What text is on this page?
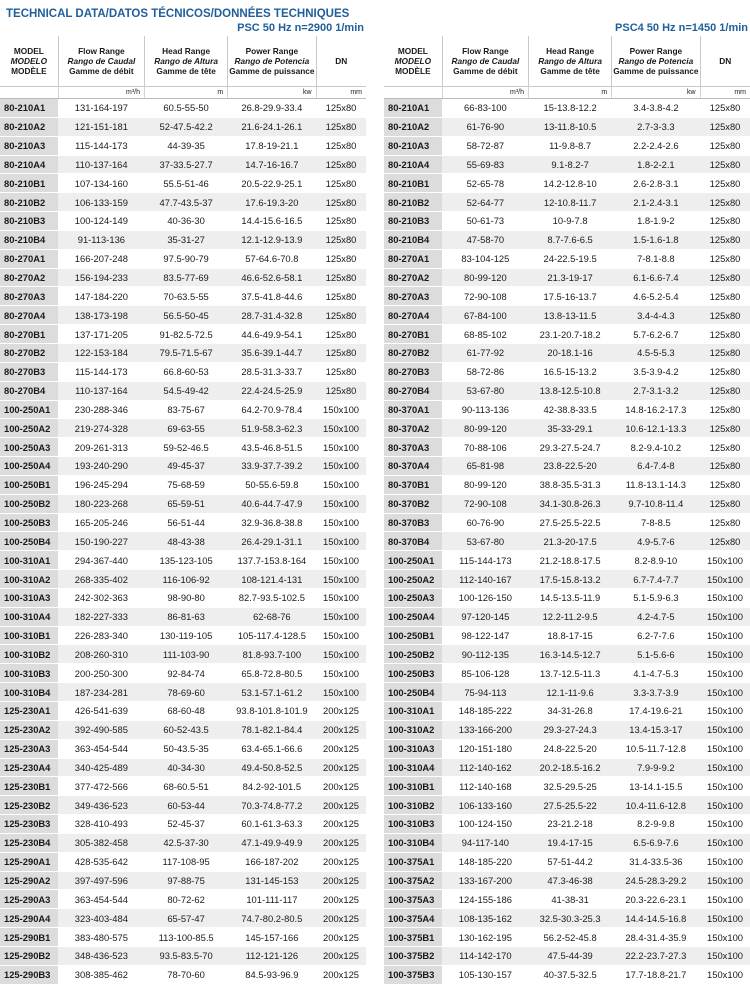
TECHNICAL DATA/DATOS TÉCNICOS/DONNÉES TECHNIQUES
PSC 50 Hz n=2900 1/min
MODEL
MODELO
MODÈLE	Flow Range
Rango de Caudal
Gamme de débit	Head Range
Rango de Altura
Gamme de tête	Power Range
Rango de Potencia
Gamme de puissance	DN

	m³/h	m	kw	mm
80-210A1	131-164-197	60.5-55-50	26.8-29.9-33.4	125x80
80-210A2	121-151-181	52-47.5-42.2	21.6-24.1-26.1	125x80
80-210A3	115-144-173	44-39-35	17.8-19-21.1	125x80
80-210A4	110-137-164	37-33.5-27.7	14.7-16-16.7	125x80
80-210B1	107-134-160	55.5-51-46	20.5-22.9-25.1	125x80
80-210B2	106-133-159	47.7-43.5-37	17.6-19.3-20	125x80
80-210B3	100-124-149	40-36-30	14.4-15.6-16.5	125x80
80-210B4	91-113-136	35-31-27	12.1-12.9-13.9	125x80
80-270A1	166-207-248	97.5-90-79	57-64.6-70.8	125x80
80-270A2	156-194-233	83.5-77-69	46.6-52.6-58.1	125x80
80-270A3	147-184-220	70-63.5-55	37.5-41.8-44.6	125x80
80-270A4	138-173-198	56.5-50-45	28.7-31.4-32.8	125x80
80-270B1	137-171-205	91-82.5-72.5	44.6-49.9-54.1	125x80
80-270B2	122-153-184	79.5-71.5-67	35.6-39.1-44.7	125x80
80-270B3	115-144-173	66.8-60-53	28.5-31.3-33.7	125x80
80-270B4	110-137-164	54.5-49-42	22.4-24.5-25.9	125x80
100-250A1	230-288-346	83-75-67	64.2-70.9-78.4	150x100
100-250A2	219-274-328	69-63-55	51.9-58.3-62.3	150x100
100-250A3	209-261-313	59-52-46.5	43.5-46.8-51.5	150x100
100-250A4	193-240-290	49-45-37	33.9-37.7-39.2	150x100
100-250B1	196-245-294	75-68-59	50-55.6-59.8	150x100
100-250B2	180-223-268	65-59-51	40.6-44.7-47.9	150x100
100-250B3	165-205-246	56-51-44	32.9-36.8-38.8	150x100
100-250B4	150-190-227	48-43-38	26.4-29.1-31.1	150x100
100-310A1	294-367-440	135-123-105	137.7-153.8-164	150x100
100-310A2	268-335-402	116-106-92	108-121.4-131	150x100
100-310A3	242-302-363	98-90-80	82.7-93.5-102.5	150x100
100-310A4	182-227-333	86-81-63	62-68-76	150x100
100-310B1	226-283-340	130-119-105	105-117.4-128.5	150x100
100-310B2	208-260-310	111-103-90	81.8-93.7-100	150x100
100-310B3	200-250-300	92-84-74	65.8-72.8-80.5	150x100
100-310B4	187-234-281	78-69-60	53.1-57.1-61.2	150x100
125-230A1	426-541-639	68-60-48	93.8-101.8-101.9	200x125
125-230A2	392-490-585	60-52-43.5	78.1-82.1-84.4	200x125
125-230A3	363-454-544	50-43.5-35	63.4-65.1-66.6	200x125
125-230A4	340-425-489	40-34-30	49.4-50.8-52.5	200x125
125-230B1	377-472-566	68-60.5-51	84.2-92-101.5	200x125
125-230B2	349-436-523	60-53-44	70.3-74.8-77.2	200x125
125-230B3	328-410-493	52-45-37	60.1-61.3-63.3	200x125
125-230B4	305-382-458	42.5-37-30	47.1-49.9-49.9	200x125
125-290A1	428-535-642	117-108-95	166-187-202	200x125
125-290A2	397-497-596	97-88-75	131-145-153	200x125
125-290A3	363-454-544	80-72-62	101-111-117	200x125
125-290A4	323-403-484	65-57-47	74.7-80.2-80.5	200x125
125-290B1	383-480-575	113-100-85.5	145-157-166	200x125
125-290B2	348-436-523	93.5-83.5-70	112-121-126	200x125
125-290B3	308-385-462	78-70-60	84.5-93-96.9	200x125
PSC4 50 Hz n=1450 1/min
MODEL
MODELO
MODÈLE	Flow Range
Rango de Caudal
Gamme de débit	Head Range
Rango de Altura
Gamme de tête	Power Range
Rango de Potencia
Gamme de puissance	DN

	m³/h	m	kw	mm
80-210A1	66-83-100	15-13.8-12.2	3.4-3.8-4.2	125x80
80-210A2	61-76-90	13-11.8-10.5	2.7-3-3.3	125x80
80-210A3	58-72-87	11-9.8-8.7	2.2-2.4-2.6	125x80
80-210A4	55-69-83	9.1-8.2-7	1.8-2-2.1	125x80
80-210B1	52-65-78	14.2-12.8-10	2.6-2.8-3.1	125x80
80-210B2	52-64-77	12-10.8-11.7	2.1-2.4-3.1	125x80
80-210B3	50-61-73	10-9-7.8	1.8-1.9-2	125x80
80-210B4	47-58-70	8.7-7.6-6.5	1.5-1.6-1.8	125x80
80-270A1	83-104-125	24-22.5-19.5	7-8.1-8.8	125x80
80-270A2	80-99-120	21.3-19-17	6.1-6.6-7.4	125x80
80-270A3	72-90-108	17.5-16-13.7	4.6-5.2-5.4	125x80
80-270A4	67-84-100	13.8-13-11.5	3.4-4-4.3	125x80
80-270B1	68-85-102	23.1-20.7-18.2	5.7-6.2-6.7	125x80
80-270B2	61-77-92	20-18.1-16	4.5-5-5.3	125x80
80-270B3	58-72-86	16.5-15-13.2	3.5-3.9-4.2	125x80
80-270B4	53-67-80	13.8-12.5-10.8	2.7-3.1-3.2	125x80
80-370A1	90-113-136	42-38.8-33.5	14.8-16.2-17.3	125x80
80-370A2	80-99-120	35-33-29.1	10.6-12.1-13.3	125x80
80-370A3	70-88-106	29.3-27.5-24.7	8.2-9.4-10.2	125x80
80-370A4	65-81-98	23.8-22.5-20	6.4-7.4-8	125x80
80-370B1	80-99-120	38.8-35.5-31.3	11.8-13.1-14.3	125x80
80-370B2	72-90-108	34.1-30.8-26.3	9.7-10.8-11.4	125x80
80-370B3	60-76-90	27.5-25.5-22.5	7-8-8.5	125x80
80-370B4	53-67-80	21.3-20-17.5	4.9-5.7-6	125x80
100-250A1	115-144-173	21.2-18.8-17.5	8.2-8.9-10	150x100
100-250A2	112-140-167	17.5-15.8-13.2	6.7-7.4-7.7	150x100
100-250A3	100-126-150	14.5-13.5-11.9	5.1-5.9-6.3	150x100
100-250A4	97-120-145	12.2-11.2-9.5	4.2-4.7-5	150x100
100-250B1	98-122-147	18.8-17-15	6.2-7-7.6	150x100
100-250B2	90-112-135	16.3-14.5-12.7	5.1-5.6-6	150x100
100-250B3	85-106-128	13.7-12.5-11.3	4.1-4.7-5.3	150x100
100-250B4	75-94-113	12.1-11-9.6	3.3-3.7-3.9	150x100
100-310A1	148-185-222	34-31-26.8	17.4-19.6-21	150x100
100-310A2	133-166-200	29.3-27-24.3	13.4-15.3-17	150x100
100-310A3	120-151-180	24.8-22.5-20	10.5-11.7-12.8	150x100
100-310A4	112-140-162	20.2-18.5-16.2	7.9-9-9.2	150x100
100-310B1	112-140-168	32.5-29.5-25	13-14.1-15.5	150x100
100-310B2	106-133-160	27.5-25.5-22	10.4-11.6-12.8	150x100
100-310B3	100-124-150	23-21.2-18	8.2-9-9.8	150x100
100-310B4	94-117-140	19.4-17-15	6.5-6.9-7.6	150x100
100-375A1	148-185-220	57-51-44.2	31.4-33.5-36	150x100
100-375A2	133-167-200	47.3-46-38	24.5-28.3-29.2	150x100
100-375A3	124-155-186	41-38-31	20.3-22.6-23.1	150x100
100-375A4	108-135-162	32.5-30.3-25.3	14.4-14.5-16.8	150x100
100-375B1	130-162-195	56.2-52-45.8	28.4-31.4-35.9	150x100
100-375B2	114-142-170	47.5-44-39	22.2-23.7-27.3	150x100
100-375B3	105-130-157	40-37.5-32.5	17.7-18.8-21.7	150x100
